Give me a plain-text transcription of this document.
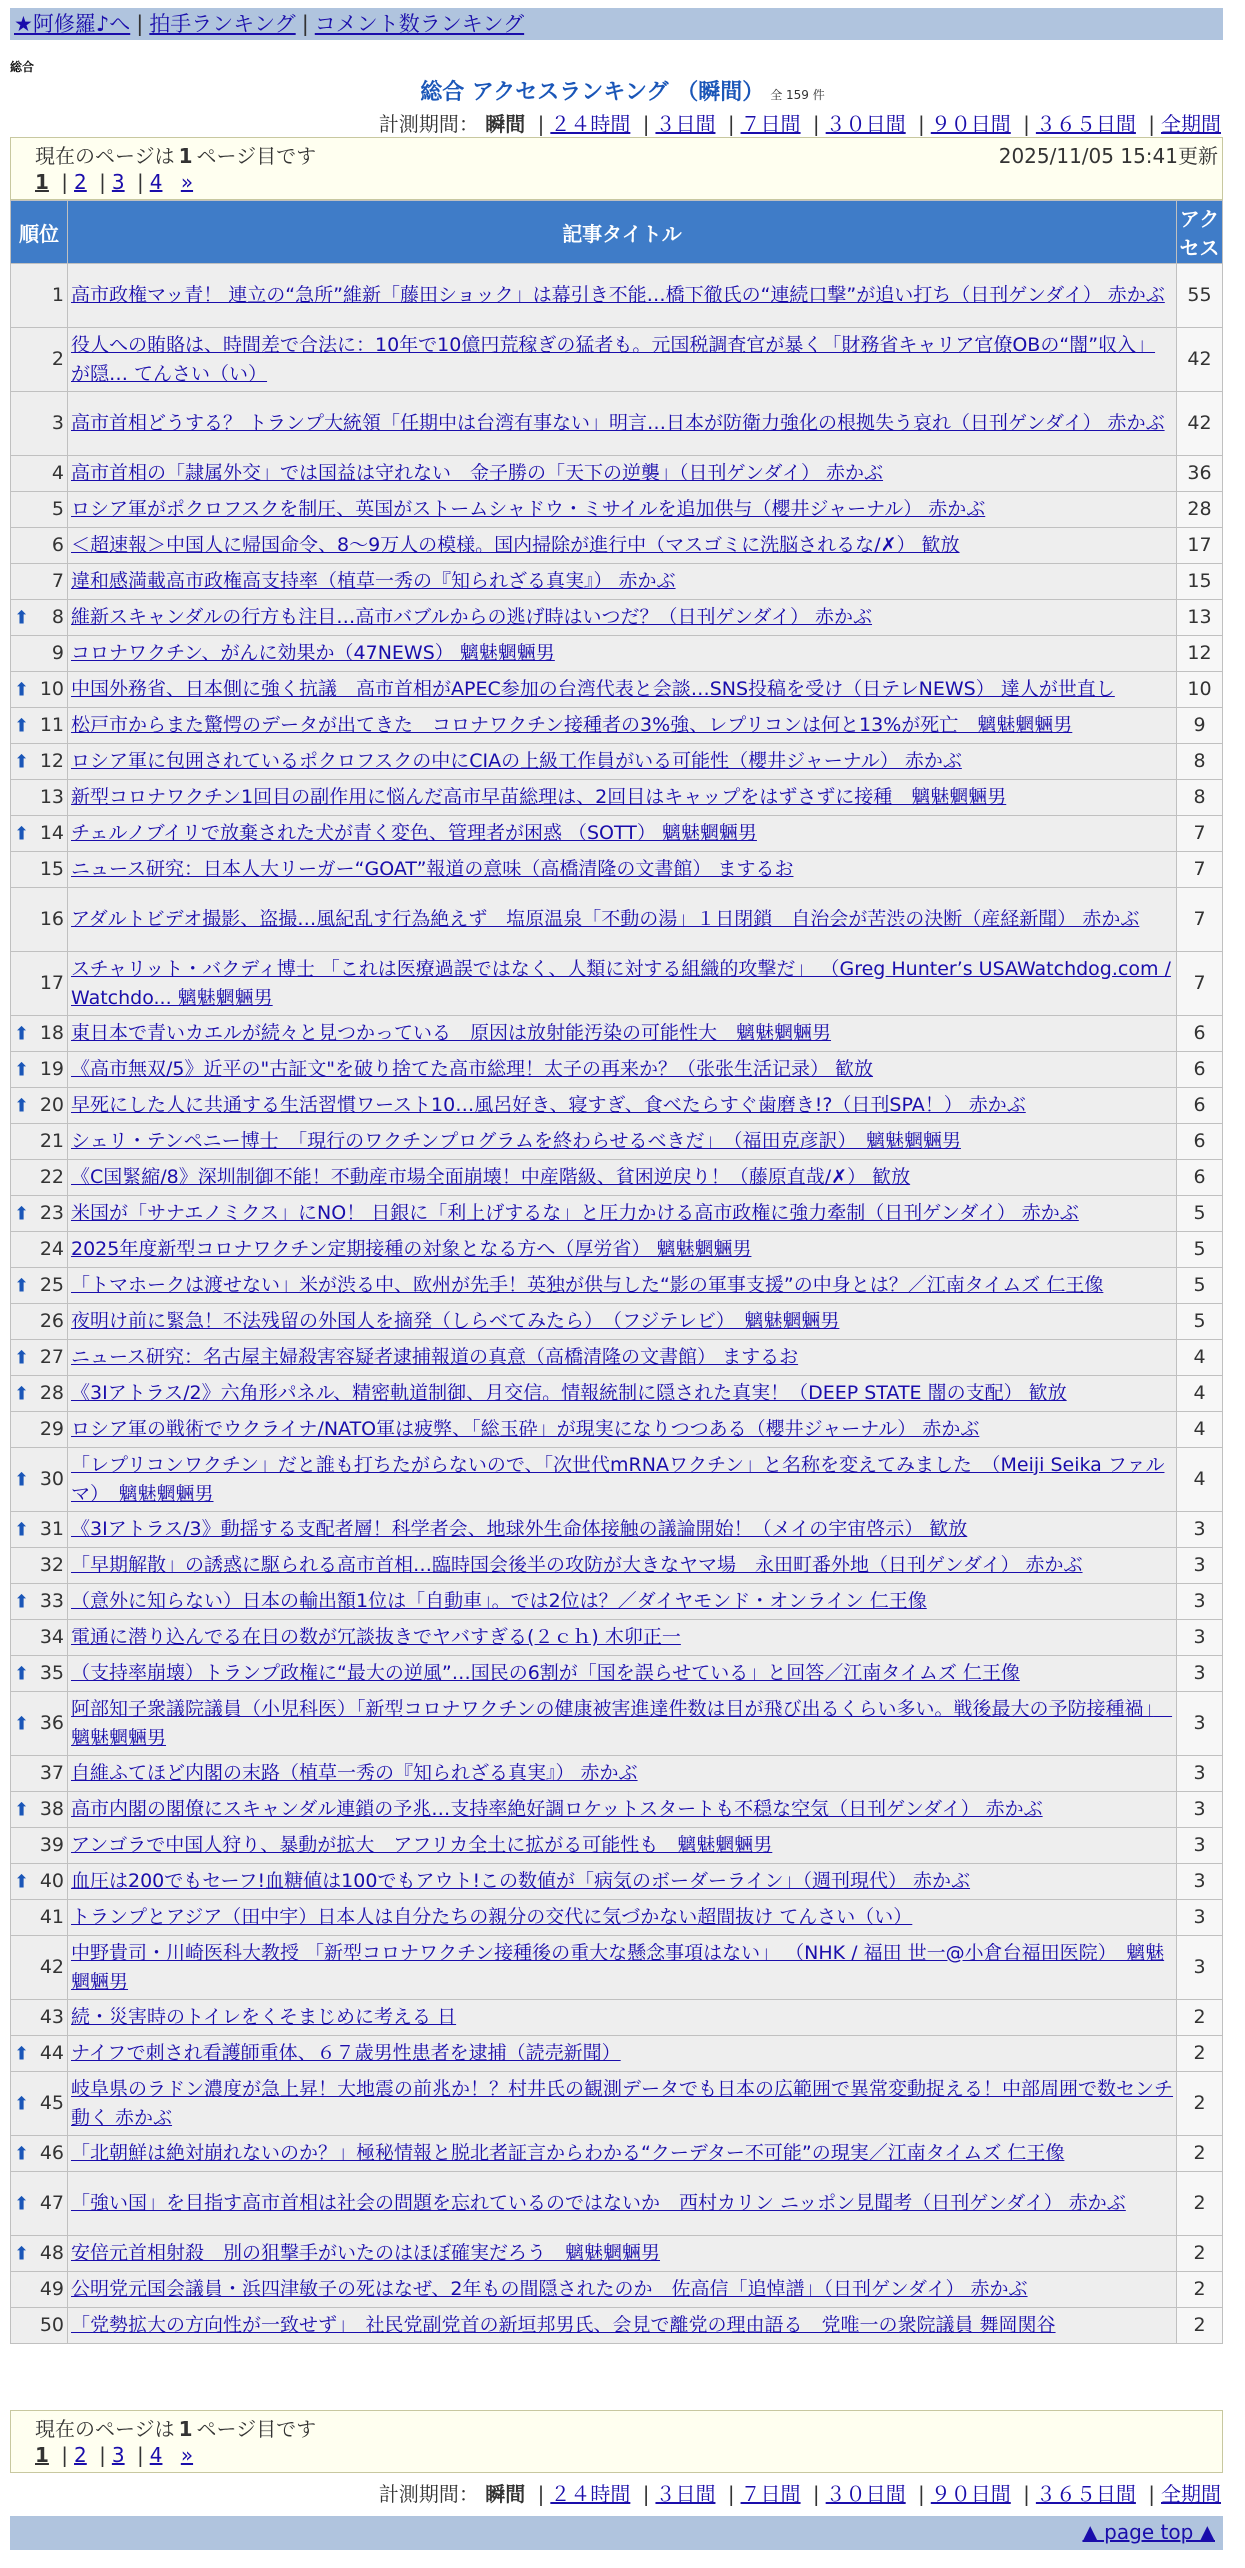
★阿修羅♪へ | 拍手ランキング | コメント数ランキング
総合
総合 アクセスランキング （瞬間） 全 159 件
計測期間： 瞬間 | ２４時間 | ３日間 | ７日間 | ３０日間 | ９０日間 | ３６５日間 | 全期間
現在のページは 1 ページ目です	2025/11/05 15:41更新
1 | 2 | 3 | 4 »
順位	記事タイトル	アクセス
1	高市政権マッ青！ 連立の“急所”維新「藤田ショック」は幕引き不能…橋下徹氏の“連続口撃”が追い打ち（日刊ゲンダイ） 赤かぶ	55
2	役人への賄賂は、時間差で合法に：10年で10億円荒稼ぎの猛者も。元国税調査官が暴く「財務省キャリア官僚OBの“闇”収入」が隠… てんさい（い）	42
3	高市首相どうする？ トランプ大統領「任期中は台湾有事ない」明言…日本が防衛力強化の根拠失う哀れ（日刊ゲンダイ） 赤かぶ	42
4	高市首相の「隷属外交」では国益は守れない　金子勝の「天下の逆襲」（日刊ゲンダイ） 赤かぶ	36
5	ロシア軍がポクロフスクを制圧、英国がストームシャドウ・ミサイルを追加供与（櫻井ジャーナル） 赤かぶ	28
6	＜超速報＞中国人に帰国命令、8〜9万人の模様。国内掃除が進行中（マスゴミに洗脳されるな/✗） 歓放	17
7	違和感満載高市政権高支持率（植草一秀の『知られざる真実』） 赤かぶ	15

⬆ 8	維新スキャンダルの行方も注目…高市バブルからの逃げ時はいつだ？（日刊ゲンダイ） 赤かぶ	13
9	コロナワクチン、がんに効果か（47NEWS） 魑魅魍魎男	12

⬆ 10	中国外務省、日本側に強く抗議　高市首相がAPEC参加の台湾代表と会談…SNS投稿を受け（日テレNEWS） 達人が世直し	10

⬆ 11	松戸市からまた驚愕のデータが出てきた　コロナワクチン接種者の3%強、レプリコンは何と13%が死亡　魑魅魍魎男	9

⬆ 12	ロシア軍に包囲されているポクロフスクの中にCIAの上級工作員がいる可能性（櫻井ジャーナル） 赤かぶ	8
13	新型コロナワクチン1回目の副作用に悩んだ高市早苗総理は、2回目はキャップをはずさずに接種　魑魅魍魎男	8

⬆ 14	チェルノブイリで放棄された犬が青く変色、管理者が困惑 （SOTT） 魑魅魍魎男	7
15	ニュース研究：日本人大リーガー“GOAT”報道の意味（高橋清隆の文書館） まするお	7
16	アダルトビデオ撮影、盗撮…風紀乱す行為絶えず　塩原温泉「不動の湯」１日閉鎖　自治会が苦渋の決断（産経新聞） 赤かぶ	7
17	スチャリット・バクディ博士 「これは医療過誤ではなく、人類に対する組織的攻撃だ」 （Greg Hunter’s USAWatchdog.com / Watchdo... 魑魅魍魎男	7

⬆ 18	東日本で青いカエルが続々と見つかっている　原因は放射能汚染の可能性大　魑魅魍魎男	6

⬆ 19	《高市無双/5》近平の"古証文"を破り捨てた高市総理！太子の再来か？（张张生活记录） 歓放	6

⬆ 20	早死にした人に共通する生活習慣ワースト10…風呂好き、寝すぎ、食べたらすぐ歯磨き!?（日刊SPA！） 赤かぶ	6
21	シェリ・テンペニー博士　「現行のワクチンプログラムを終わらせるべきだ」　（福田克彦訳）　魑魅魍魎男	6
22	《C国緊縮/8》深圳制御不能！不動産市場全面崩壊！中産階級、貧困逆戻り！（藤原直哉/✗） 歓放	6

⬆ 23	米国が「サナエノミクス」にNO！ 日銀に「利上げするな」と圧力かける高市政権に強力牽制（日刊ゲンダイ） 赤かぶ	5
24	2025年度新型コロナワクチン定期接種の対象となる方へ（厚労省） 魑魅魍魎男	5

⬆ 25	「トマホークは渡せない」米が渋る中、欧州が先手！英独が供与した“影の軍事支援”の中身とは？／江南タイムズ 仁王像	5
26	夜明け前に緊急！不法残留の外国人を摘発（しらべてみたら）　（フジテレビ）　魑魅魍魎男	5

⬆ 27	ニュース研究：名古屋主婦殺害容疑者逮捕報道の真意（高橋清隆の文書館） まするお	4

⬆ 28	《3Iアトラス/2》六角形パネル、精密軌道制御、月交信。情報統制に隠された真実！（DEEP STATE 闇の支配） 歓放	4
29	ロシア軍の戦術でウクライナ/NATO軍は疲弊、「総玉砕」が現実になりつつある（櫻井ジャーナル） 赤かぶ	4

⬆ 30	「レプリコンワクチン」だと誰も打ちたがらないので、「次世代mRNAワクチン」と名称を変えてみました　（Meiji Seika ファルマ）　魑魅魍魎男	4

⬆ 31	《3Iアトラス/3》動揺する支配者層！科学者会、地球外生命体接触の議論開始！（メイの宇宙啓示） 歓放	3
32	「早期解散」の誘惑に駆られる高市首相…臨時国会後半の攻防が大きなヤマ場　永田町番外地（日刊ゲンダイ） 赤かぶ	3

⬆ 33	（意外に知らない）日本の輸出額1位は「自動車」。では2位は？／ダイヤモンド・オンライン 仁王像	3
34	電通に潜り込んでる在日の数が冗談抜きでヤバすぎる(２ｃｈ) 木卯正一	3

⬆ 35	（支持率崩壊）トランプ政権に“最大の逆風”…国民の6割が「国を誤らせている」と回答／江南タイムズ 仁王像	3

⬆ 36	阿部知子衆議院議員（小児科医）「新型コロナワクチンの健康被害進達件数は目が飛び出るくらい多い。戦後最大の予防接種禍」　魑魅魍魎男	3
37	自維ふてほど内閣の末路（植草一秀の『知られざる真実』） 赤かぶ	3

⬆ 38	高市内閣の閣僚にスキャンダル連鎖の予兆…支持率絶好調ロケットスタートも不穏な空気（日刊ゲンダイ） 赤かぶ	3
39	アンゴラで中国人狩り、暴動が拡大　アフリカ全土に拡がる可能性も　魑魅魍魎男	3

⬆ 40	血圧は200でもセーフ!血糖値は100でもアウト!この数値が「病気のボーダーライン」（週刊現代） 赤かぶ	3
41	トランプとアジア（田中宇）日本人は自分たちの親分の交代に気づかない超間抜け てんさい（い）	3
42	中野貴司・川崎医科大教授 「新型コロナワクチン接種後の重大な懸念事項はない」 （NHK / 福田 世一@小倉台福田医院）　魑魅魍魎男	3
43	続・災害時のトイレをくそまじめに考える 日	2

⬆ 44	ナイフで刺され看護師重体、６７歳男性患者を逮捕（読売新聞）	2

⬆ 45	岐阜県のラドン濃度が急上昇！大地震の前兆か！？村井氏の観測データでも日本の広範囲で異常変動捉える！中部周囲で数センチ動く 赤かぶ	2

⬆ 46	「北朝鮮は絶対崩れないのか？」極秘情報と脱北者証言からわかる“クーデター不可能”の現実／江南タイムズ 仁王像	2

⬆ 47	「強い国」を目指す高市首相は社会の問題を忘れているのではないか　西村カリン ニッポン見聞考（日刊ゲンダイ） 赤かぶ	2

⬆ 48	安倍元首相射殺　別の狙撃手がいたのはほぼ確実だろう　魑魅魍魎男	2
49	公明党元国会議員・浜四津敏子の死はなぜ、2年もの間隠されたのか　佐高信「追悼譜」（日刊ゲンダイ） 赤かぶ	2
50	「党勢拡大の方向性が一致せず」　社民党副党首の新垣邦男氏、会見で離党の理由語る　党唯一の衆院議員 舞岡関谷	2
現在のページは 1 ページ目です
1 | 2 | 3 | 4 »
計測期間： 瞬間 | ２４時間 | ３日間 | ７日間 | ３０日間 | ９０日間 | ３６５日間 | 全期間
▲ page top ▲
